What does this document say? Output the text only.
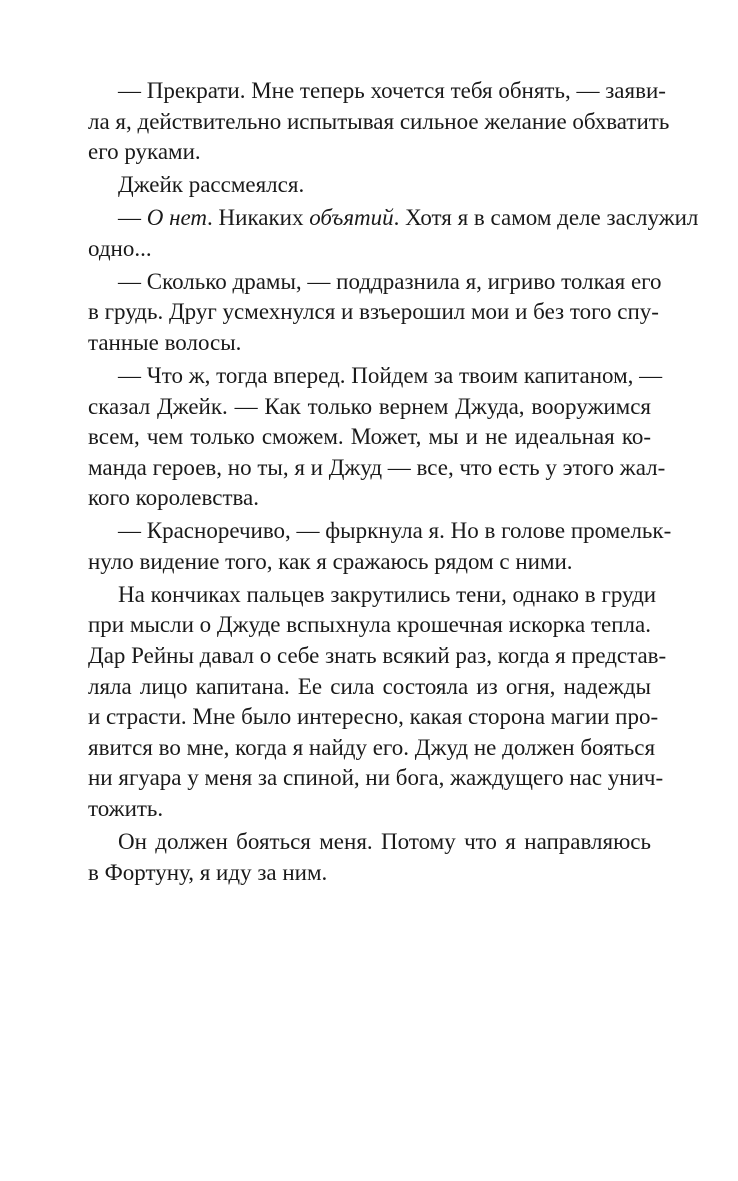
— Прекрати. Мне теперь хочется тебя обнять, — заяви-
ла я, действительно испытывая сильное желание обхватить
его руками.
Джейк рассмеялся.
— О нет. Никаких объятий. Хотя я в самом деле заслужил
одно...
— Сколько драмы, — поддразнила я, игриво толкая его
в грудь. Друг усмехнулся и взъерошил мои и без того спу-
танные волосы.
— Что ж, тогда вперед. Пойдем за твоим капитаном, —
сказал Джейк. — Как только вернем Джуда, вооружимся
всем, чем только сможем. Может, мы и не идеальная ко-
манда героев, но ты, я и Джуд — все, что есть у этого жал-
кого королевства.
— Красноречиво, — фыркнула я. Но в голове промельк-
нуло видение того, как я сражаюсь рядом с ними.
На кончиках пальцев закрутились тени, однако в груди
при мысли о Джуде вспыхнула крошечная искорка тепла.
Дар Рейны давал о себе знать всякий раз, когда я представ-
ляла лицо капитана. Ее сила состояла из огня, надежды
и страсти. Мне было интересно, какая сторона магии про-
явится во мне, когда я найду его. Джуд не должен бояться
ни ягуара у меня за спиной, ни бога, жаждущего нас унич-
тожить.
Он должен бояться меня. Потому что я направляюсь
в Фортуну, я иду за ним.
